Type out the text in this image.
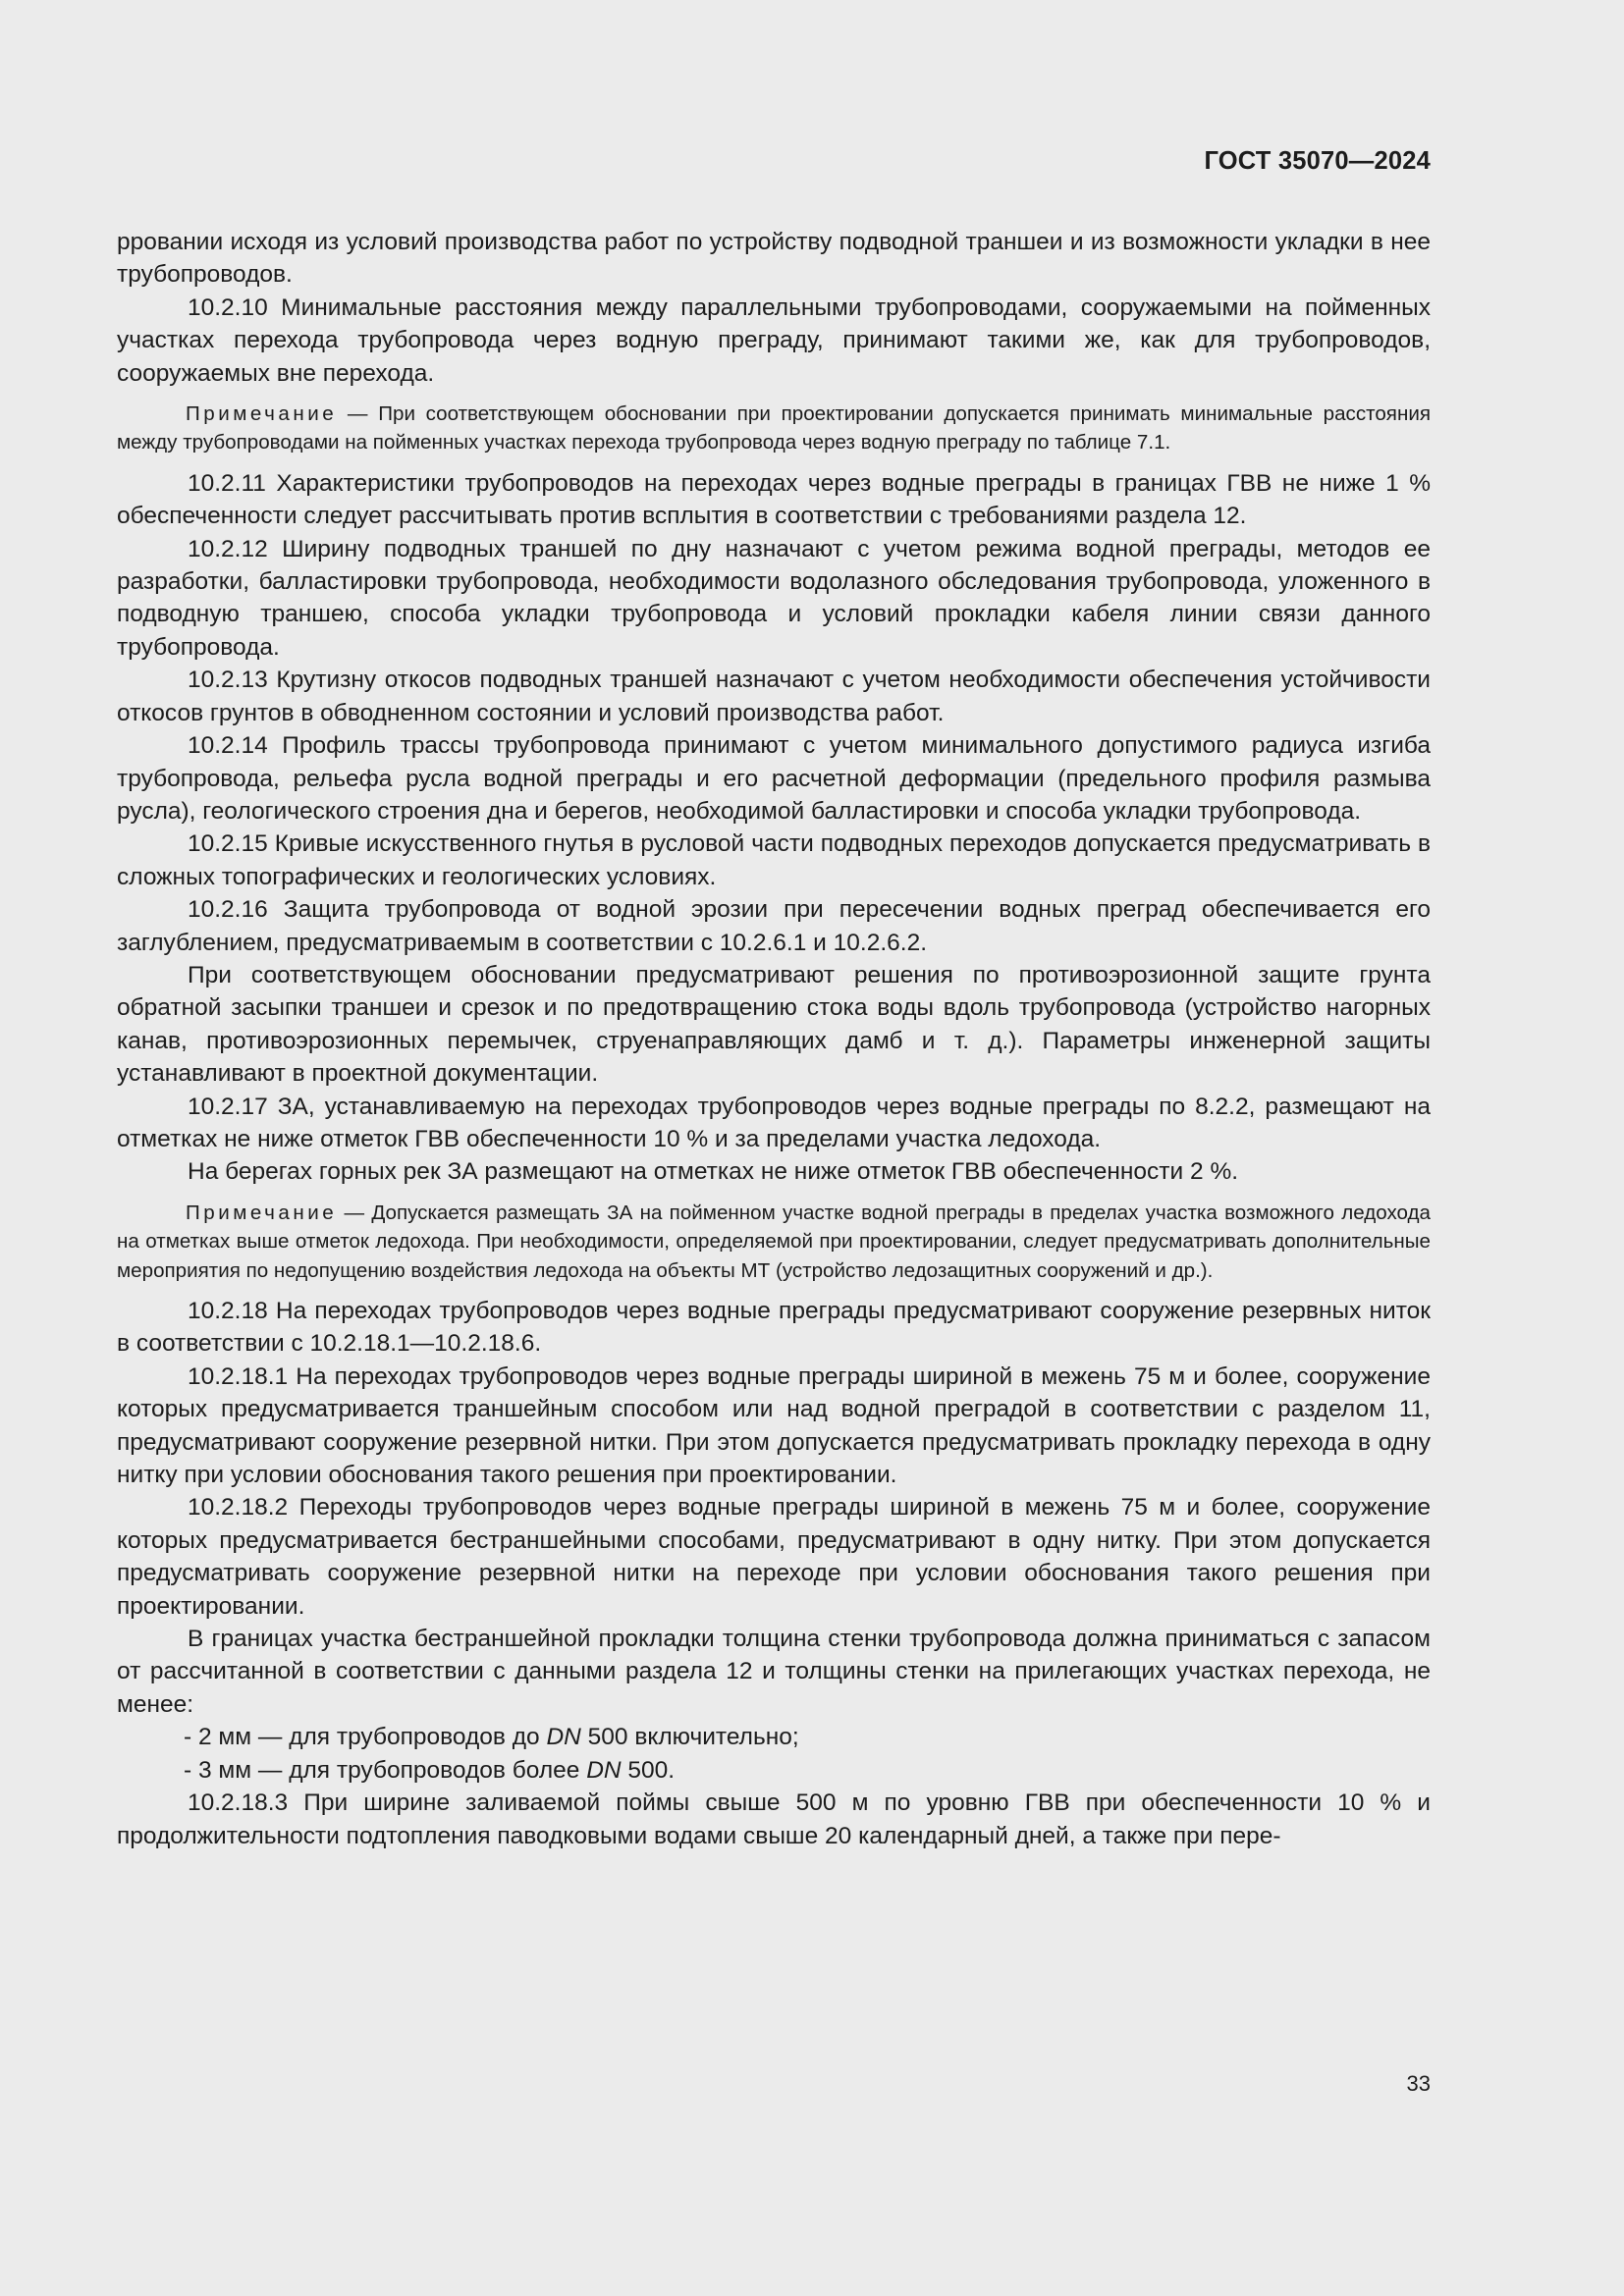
ГОСТ 35070—2024

рровании исходя из условий производства работ по устройству подводной траншеи и из возможности укладки в нее трубопроводов.

10.2.10 Минимальные расстояния между параллельными трубопроводами, сооружаемыми на пойменных участках перехода трубопровода через водную преграду, принимают такими же, как для трубопроводов, сооружаемых вне перехода.

Примечание — При соответствующем обосновании при проектировании допускается принимать минимальные расстояния между трубопроводами на пойменных участках перехода трубопровода через водную преграду по таблице 7.1.

10.2.11 Характеристики трубопроводов на переходах через водные преграды в границах ГВВ не ниже 1 % обеспеченности следует рассчитывать против всплытия в соответствии с требованиями раздела 12.

10.2.12 Ширину подводных траншей по дну назначают с учетом режима водной преграды, методов ее разработки, балластировки трубопровода, необходимости водолазного обследования трубопровода, уложенного в подводную траншею, способа укладки трубопровода и условий прокладки кабеля линии связи данного трубопровода.

10.2.13 Крутизну откосов подводных траншей назначают с учетом необходимости обеспечения устойчивости откосов грунтов в обводненном состоянии и условий производства работ.

10.2.14 Профиль трассы трубопровода принимают с учетом минимального допустимого радиуса изгиба трубопровода, рельефа русла водной преграды и его расчетной деформации (предельного профиля размыва русла), геологического строения дна и берегов, необходимой балластировки и способа укладки трубопровода.

10.2.15 Кривые искусственного гнутья в русловой части подводных переходов допускается предусматривать в сложных топографических и геологических условиях.

10.2.16 Защита трубопровода от водной эрозии при пересечении водных преград обеспечивается его заглублением, предусматриваемым в соответствии с 10.2.6.1 и 10.2.6.2.

При соответствующем обосновании предусматривают решения по противоэрозионной защите грунта обратной засыпки траншеи и срезок и по предотвращению стока воды вдоль трубопровода (устройство нагорных канав, противоэрозионных перемычек, струенаправляющих дамб и т. д.). Параметры инженерной защиты устанавливают в проектной документации.

10.2.17 ЗА, устанавливаемую на переходах трубопроводов через водные преграды по 8.2.2, размещают на отметках не ниже отметок ГВВ обеспеченности 10 % и за пределами участка ледохода.

На берегах горных рек ЗА размещают на отметках не ниже отметок ГВВ обеспеченности 2 %.

Примечание — Допускается размещать ЗА на пойменном участке водной преграды в пределах участка возможного ледохода на отметках выше отметок ледохода. При необходимости, определяемой при проектировании, следует предусматривать дополнительные мероприятия по недопущению воздействия ледохода на объекты МТ (устройство ледозащитных сооружений и др.).

10.2.18 На переходах трубопроводов через водные преграды предусматривают сооружение резервных ниток в соответствии с 10.2.18.1—10.2.18.6.

10.2.18.1 На переходах трубопроводов через водные преграды шириной в межень 75 м и более, сооружение которых предусматривается траншейным способом или над водной преградой в соответствии с разделом 11, предусматривают сооружение резервной нитки. При этом допускается предусматривать прокладку перехода в одну нитку при условии обоснования такого решения при проектировании.

10.2.18.2 Переходы трубопроводов через водные преграды шириной в межень 75 м и более, сооружение которых предусматривается бестраншейными способами, предусматривают в одну нитку. При этом допускается предусматривать сооружение резервной нитки на переходе при условии обоснования такого решения при проектировании.

В границах участка бестраншейной прокладки толщина стенки трубопровода должна приниматься с запасом от рассчитанной в соответствии с данными раздела 12 и толщины стенки на прилегающих участках перехода, не менее:

- 2 мм — для трубопроводов до DN 500 включительно;

- 3 мм — для трубопроводов более DN 500.

10.2.18.3 При ширине заливаемой поймы свыше 500 м по уровню ГВВ при обеспеченности 10 % и продолжительности подтопления паводковыми водами свыше 20 календарный дней, а также при пере-

33
